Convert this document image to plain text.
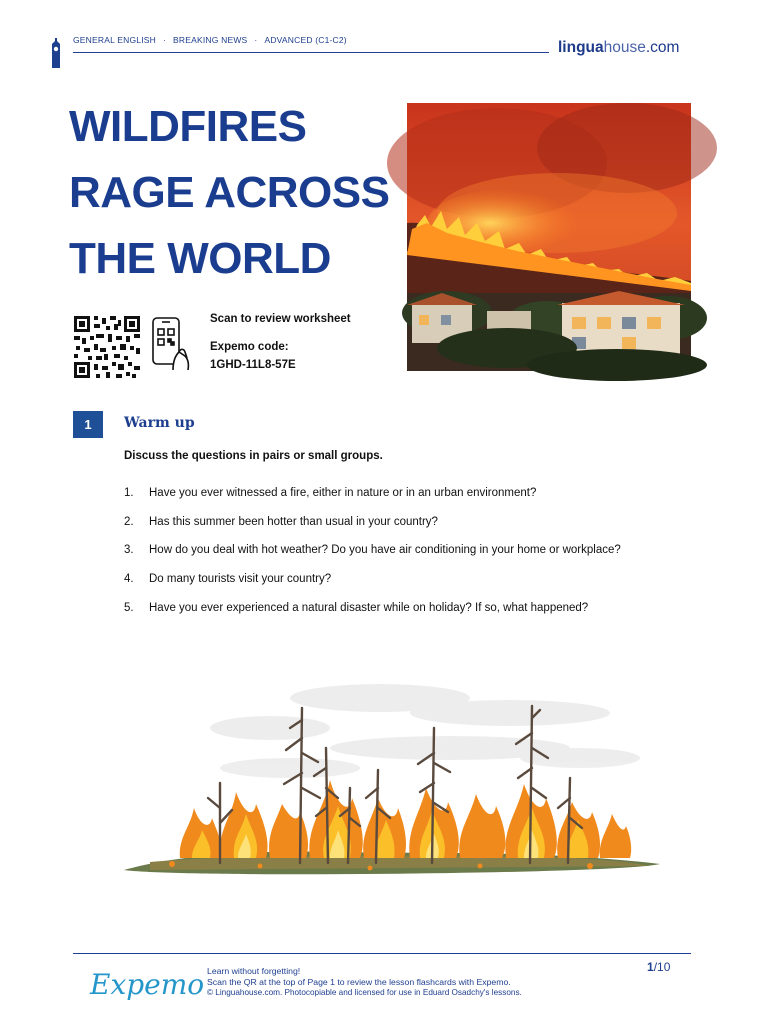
GENERAL ENGLISH · BREAKING NEWS · ADVANCED (C1-C2)	linguahouse.com
WILDFIRES
RAGE ACROSS
THE WORLD
Scan to review worksheet
Expemo code:
1GHD-11L8-57E
1	Warm up
Discuss the questions in pairs or small groups.
1. Have you ever witnessed a fire, either in nature or in an urban environment?
2. Has this summer been hotter than usual in your country?
3. How do you deal with hot weather? Do you have air conditioning in your home or workplace?
4. Do many tourists visit your country?
5. Have you ever experienced a natural disaster while on holiday? If so, what happened?
Expemo Learn without forgetting!
Scan the QR at the top of Page 1 to review the lesson flashcards with Expemo.
© Linguahouse.com. Photocopiable and licensed for use in Eduard Osadchy's lessons.
1/10
